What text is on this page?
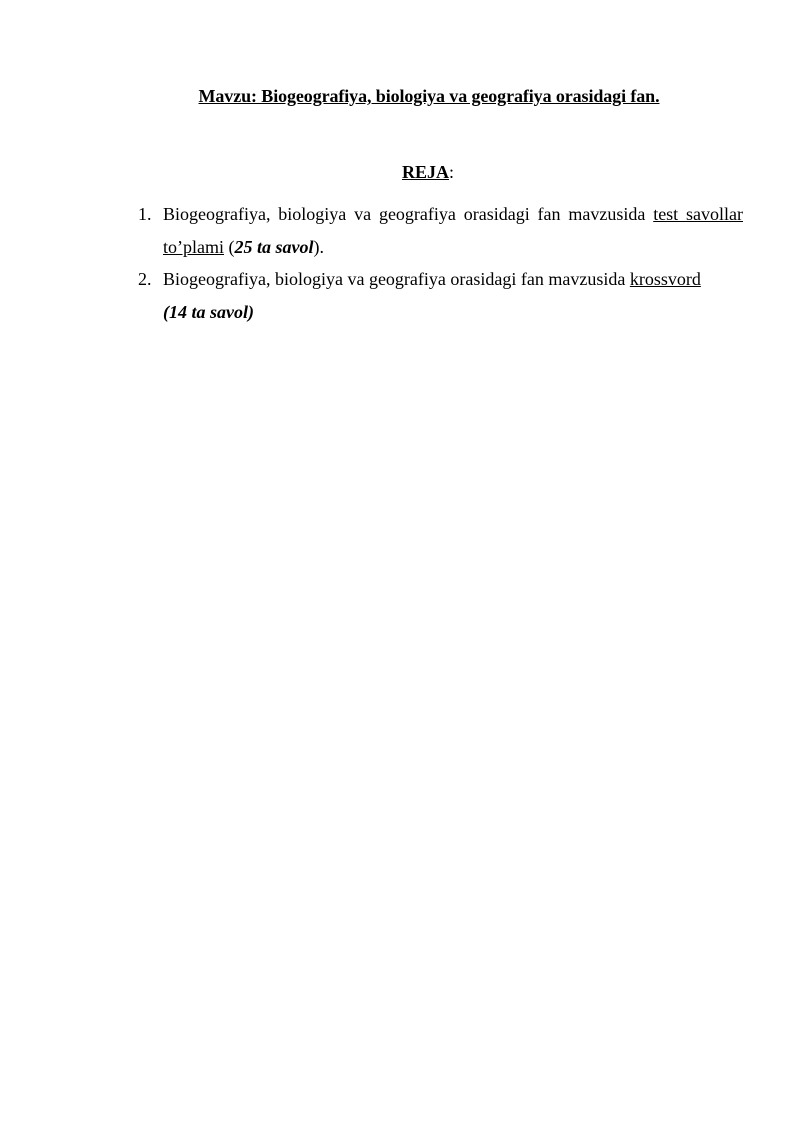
Mavzu: Biogeografiya, biologiya va geografiya orasidagi fan.
REJA:
1. Biogeografiya, biologiya va geografiya orasidagi fan mavzusida test savollar to’plami (25 ta savol).
2. Biogeografiya, biologiya va geografiya orasidagi fan mavzusida krossvord
(14 ta savol)
